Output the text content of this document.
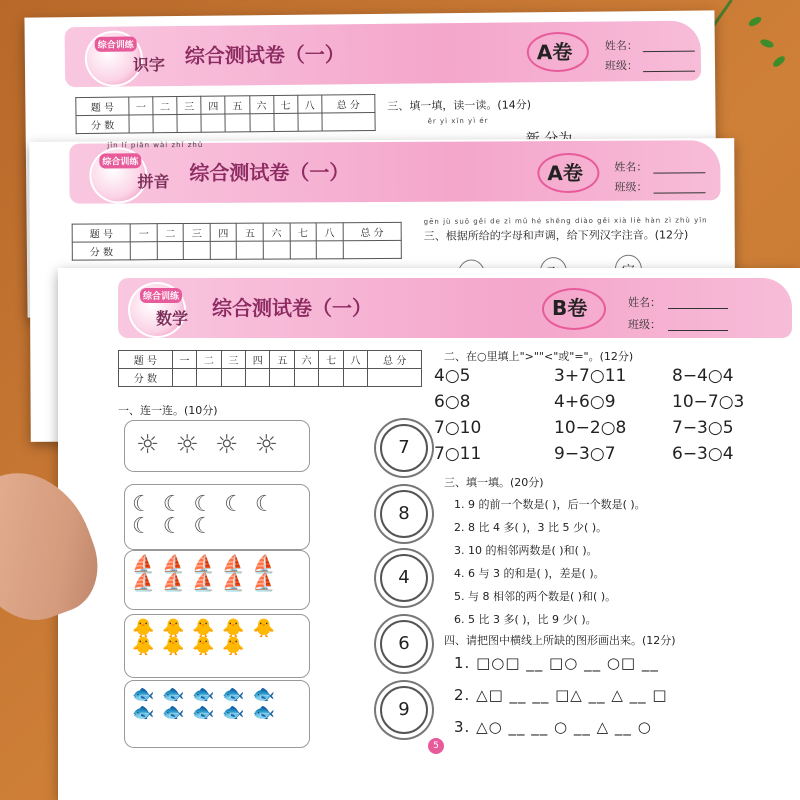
综合训练
识字 综合测试卷（一）	A卷	姓名：
班级：
题 号	一	二	三	四	五	六	七	八	总 分
分 数									
三、填一填，读一读。(14分)
ěr yì xīn yì ér
综合训练
拼音 综合测试卷（一）	A卷	姓名：
班级：
jǐn lǐ piān wài zhǐ zhǔ
题 号	一	二	三	四	五	六	七	八	总 分
分 数									
gēn jù suǒ gěi de zì mǔ hé shēng diào gěi xià liè hàn zì zhù yīn
三、根据所给的字母和声调，给下列汉字注音。(12分)
综合训练
数学 综合测试卷（一）	B卷	姓名：
班级：
题 号	一	二	三	四	五	六	七	八	总 分
分 数									
一、连一连。(10分)
☼ ☼ ☼ ☼
☾ ☾ ☾ ☾ ☾ ☾ ☾ ☾
⛵ ⛵ ⛵ ⛵ ⛵ ⛵ ⛵ ⛵ ⛵ ⛵
🐥 🐥 🐥 🐥 🐥 🐥 🐥 🐥 🐥
🐟 🐟 🐟 🐟 🐟 🐟 🐟 🐟 🐟 🐟
7
8
4
6
9
二、在○里填上">""<"或"="。(12分)
4○5	3+7○11	8−4○4
6○8	4+6○9	10−7○3
7○10	10−2○8	7−3○5
7○11	9−3○7	6−3○4
三、填一填。(20分)
1. 9 的前一个数是( )，后一个数是( )。
2. 8 比 4 多( )，3 比 5 少( )。
3. 10 的相邻两数是( )和( )。
4. 6 与 3 的和是( )，差是( )。
5. 与 8 相邻的两个数是( )和( )。
6. 5 比 3 多( )，比 9 少( )。
四、请把图中横线上所缺的图形画出来。(12分)
1. □○□ __ □○ __ ○□ __
2. △□ __ __ □△ __ △ __ □
3. △○ __ __ ○ __ △ __ ○
5
